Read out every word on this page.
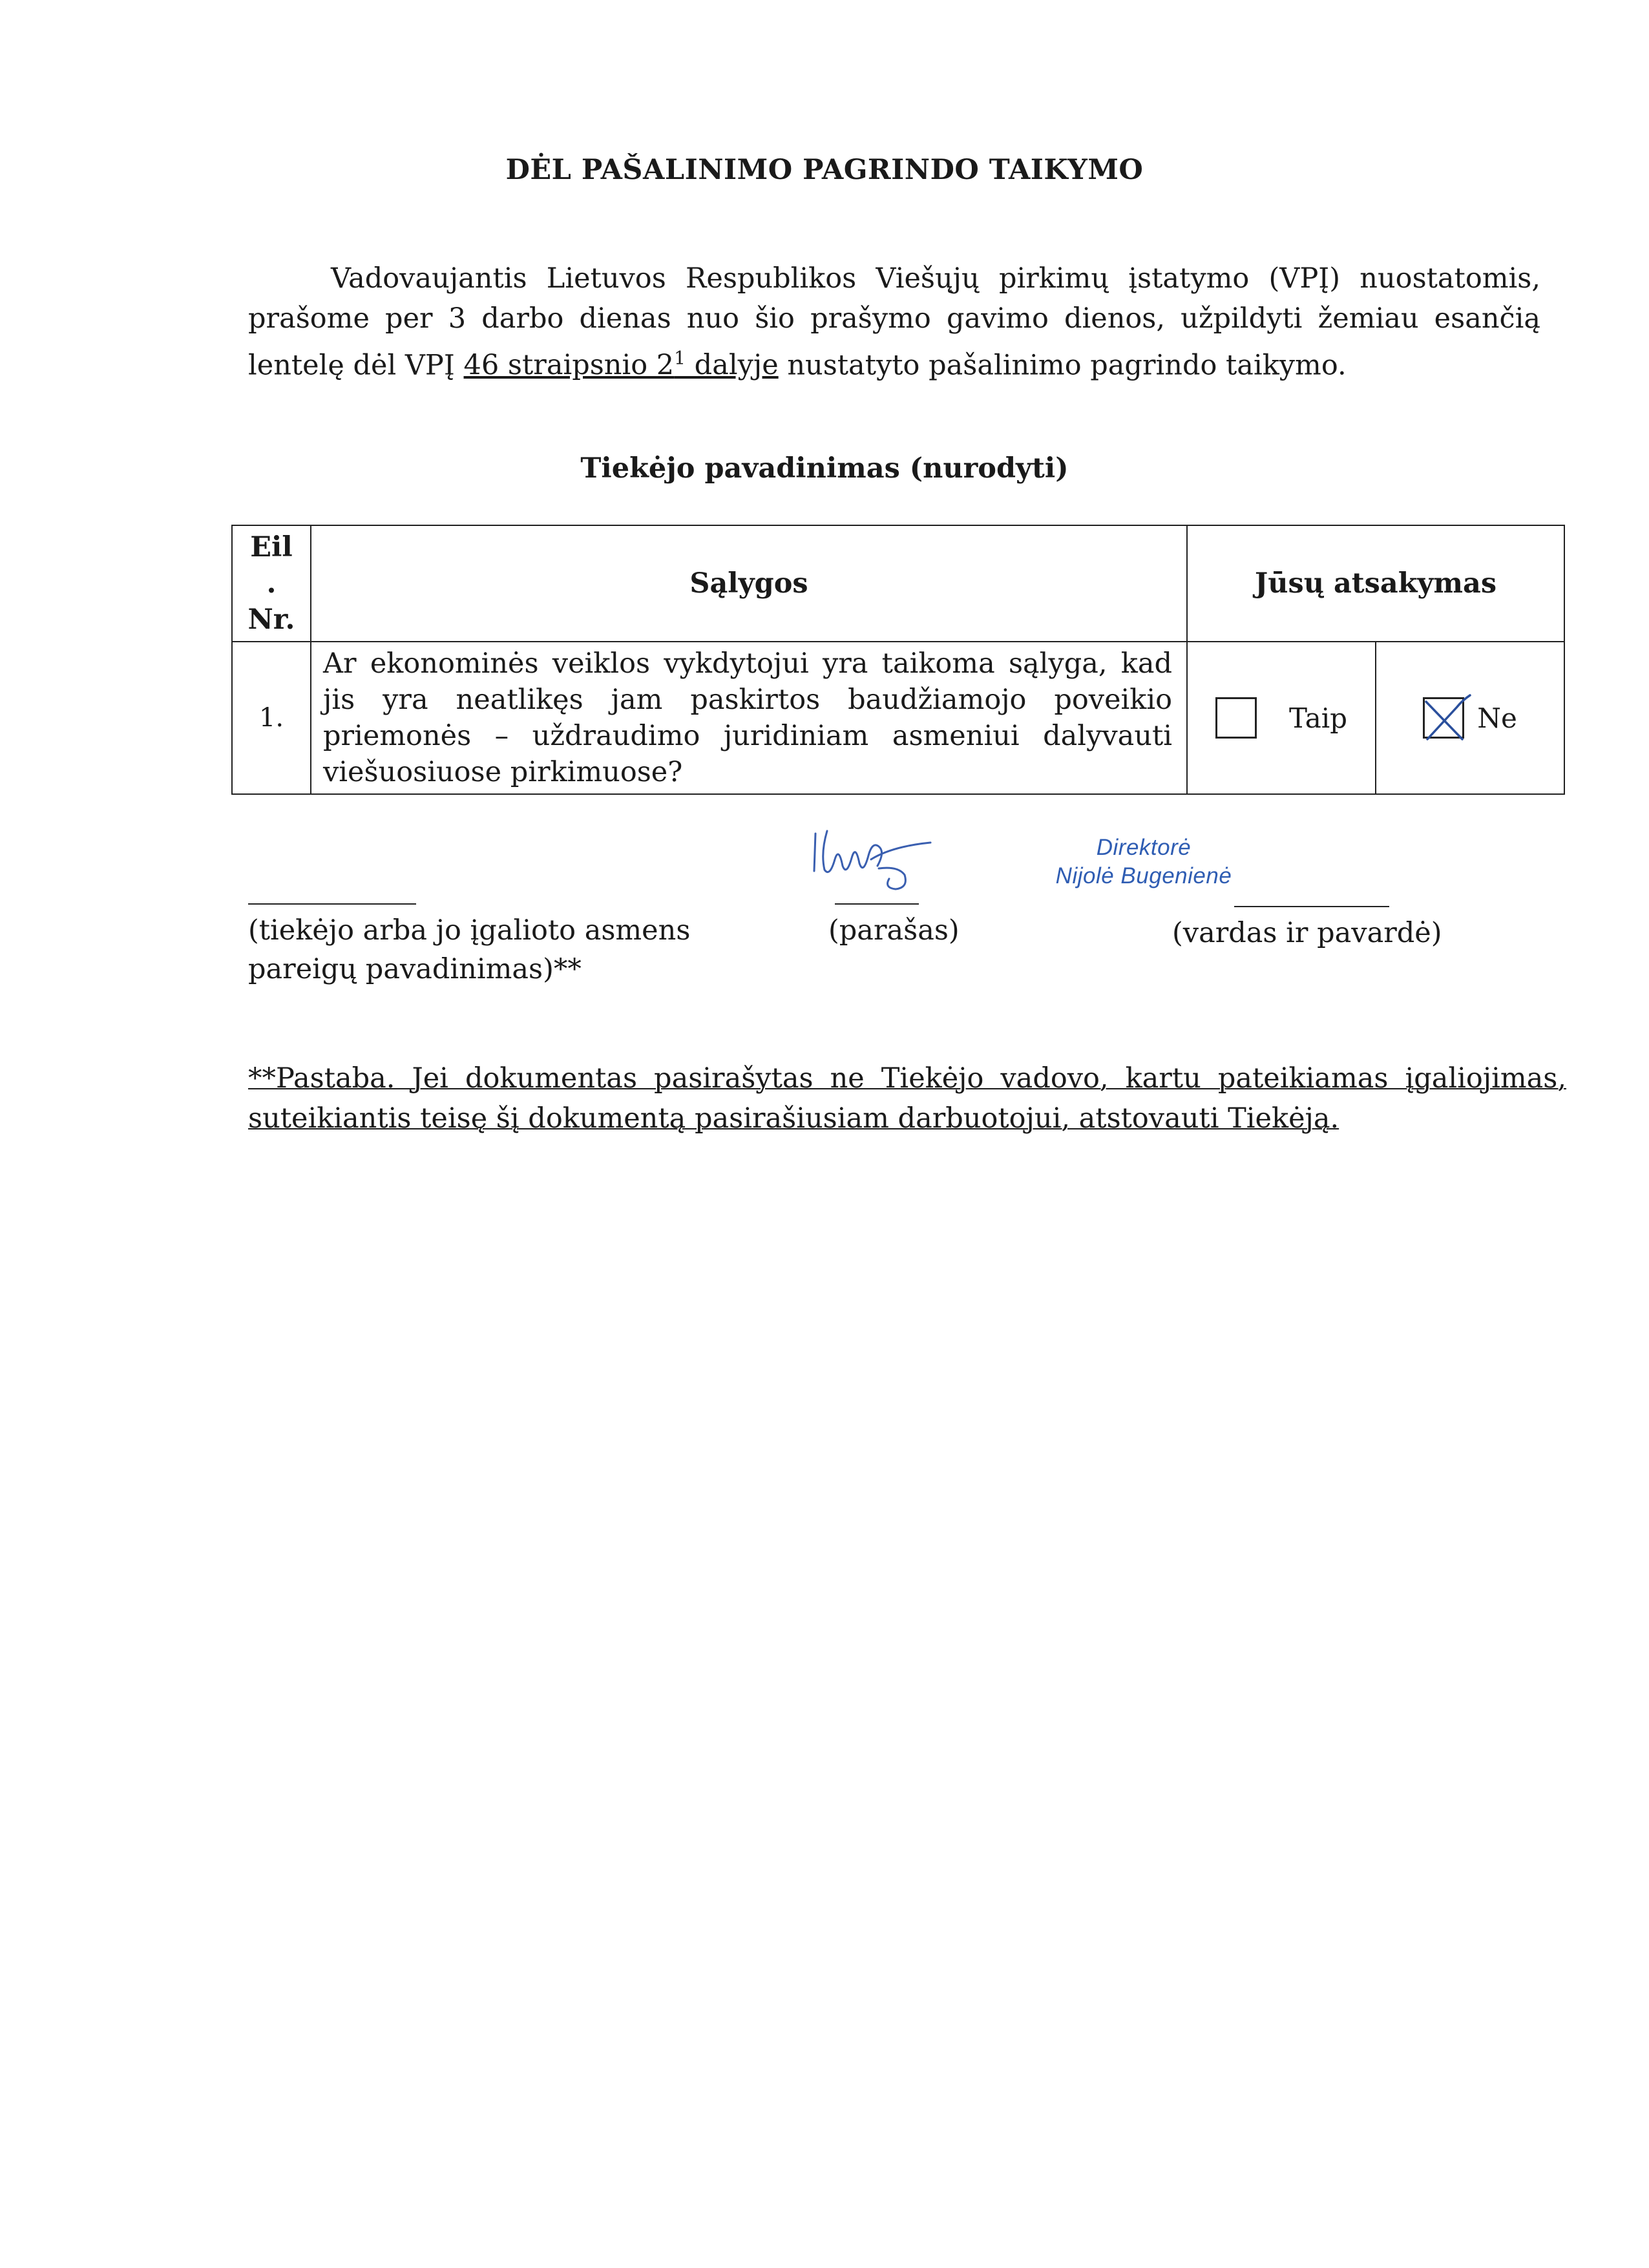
DĖL PAŠALINIMO PAGRINDO TAIKYMO
Vadovaujantis Lietuvos Respublikos Viešųjų pirkimų įstatymo (VPĮ) nuostatomis, prašome per 3 darbo dienas nuo šio prašymo gavimo dienos, užpildyti žemiau esančią lentelę dėl VPĮ 46 straipsnio $2^1$ dalyje nustatyto pašalinimo pagrindo taikymo.
Tiekėjo pavadinimas (nurodyti)
Eil
.
Nr.	Sąlygos	Jūsų atsakymas	
1.	Ar ekonominės veiklos vykdytojui yra taikoma sąlyga, kad jis yra neatlikęs jam paskirtos baudžiamojo poveikio priemonės – uždraudimo juridiniam asmeniui dalyvauti viešuosiuose pirkimuose?	Taip	Ne
Direktorė
Nijolė Bugenienė
(tiekėjo arba jo įgalioto asmens
pareigų pavadinimas)**
(parašas)	(vardas ir pavardė)
**Pastaba. Jei dokumentas pasirašytas ne Tiekėjo vadovo, kartu pateikiamas įgaliojimas, suteikiantis teisę šį dokumentą pasirašiusiam darbuotojui, atstovauti Tiekėją.
